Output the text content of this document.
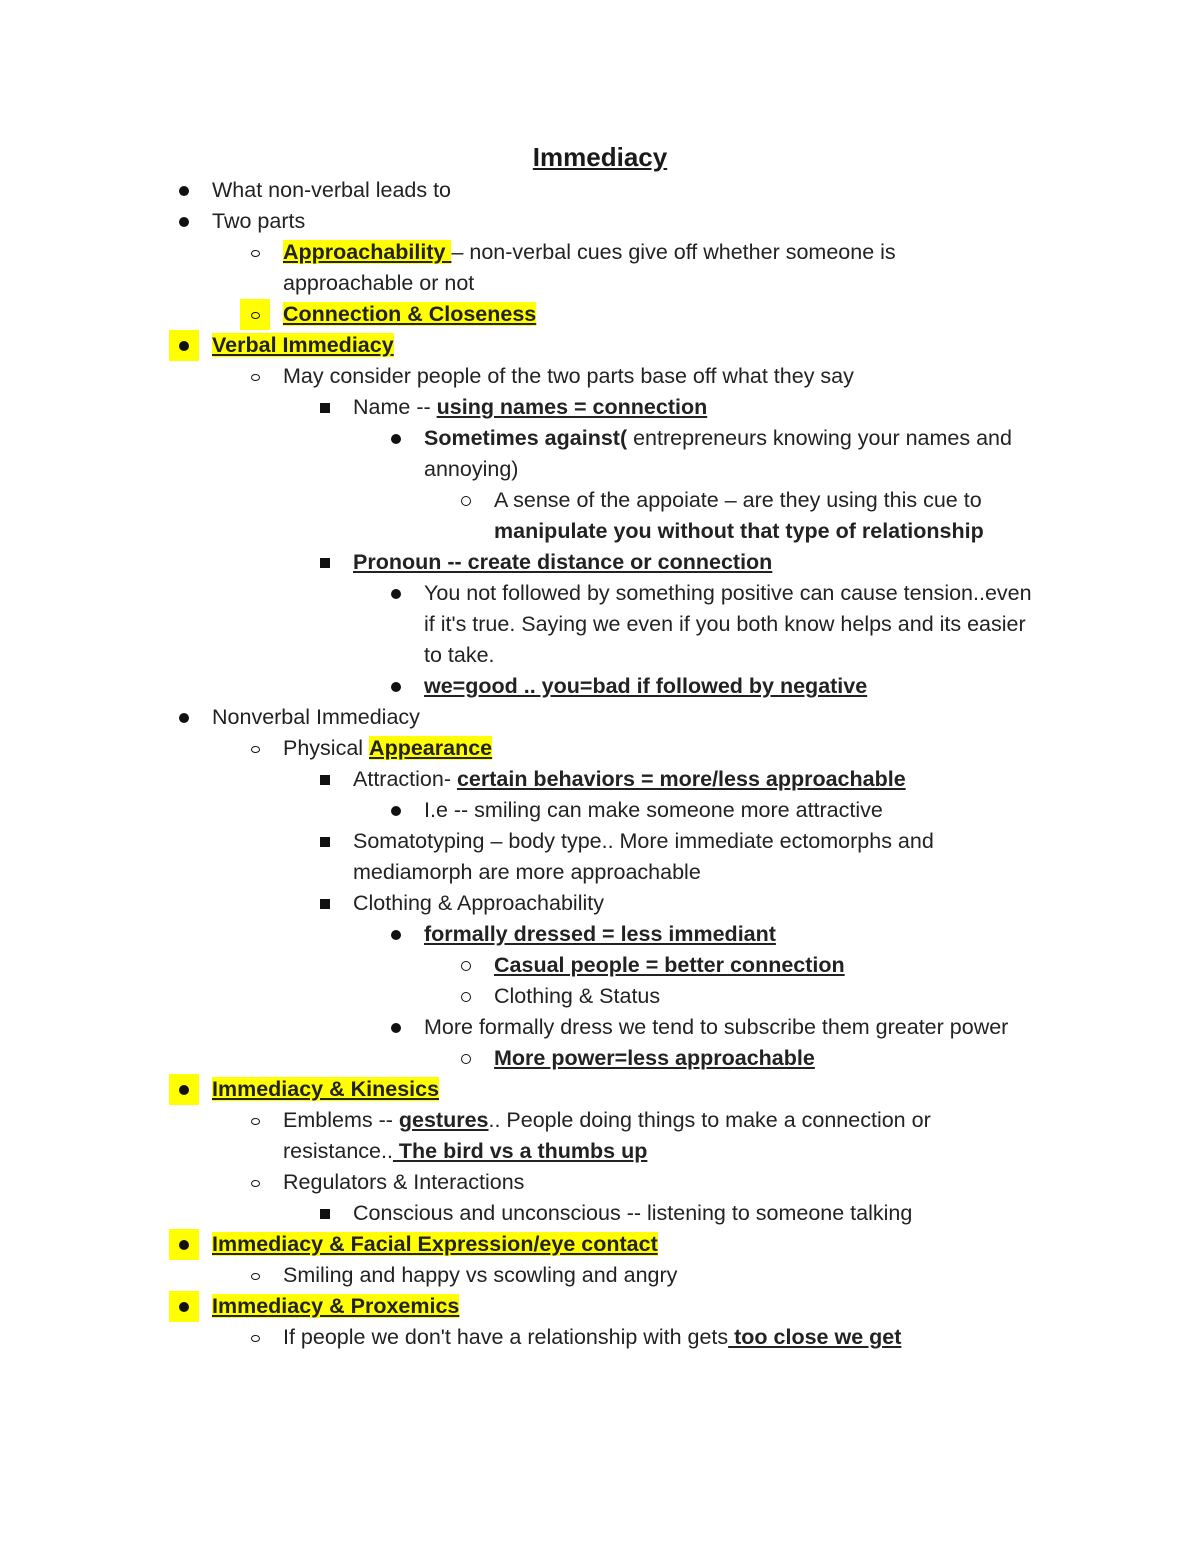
Immediacy
What non-verbal leads to
Two parts
Approachability – non-verbal cues give off whether someone is approachable or not
Connection & Closeness
Verbal Immediacy
May consider people of the two parts base off what they say
Name -- using names = connection
Sometimes against( entrepreneurs knowing your names and annoying)
A sense of the appoiate – are they using this cue to manipulate you without that type of relationship
Pronoun -- create distance or connection
You not followed by something positive can cause tension..even if it's true. Saying we even if you both know helps and its easier to take.
we=good .. you=bad if followed by negative
Nonverbal Immediacy
Physical Appearance
Attraction- certain behaviors = more/less approachable
I.e -- smiling can make someone more attractive
Somatotyping – body type.. More immediate ectomorphs and mediamorph are more approachable
Clothing & Approachability
formally dressed = less immediant
Casual people = better connection
Clothing & Status
More formally dress we tend to subscribe them greater power
More power=less approachable
Immediacy & Kinesics
Emblems -- gestures.. People doing things to make a connection or resistance.. The bird vs a thumbs up
Regulators & Interactions
Conscious and unconscious -- listening to someone talking
Immediacy & Facial Expression/eye contact
Smiling and happy vs scowling and angry
Immediacy & Proxemics
If people we don't have a relationship with gets too close we get
